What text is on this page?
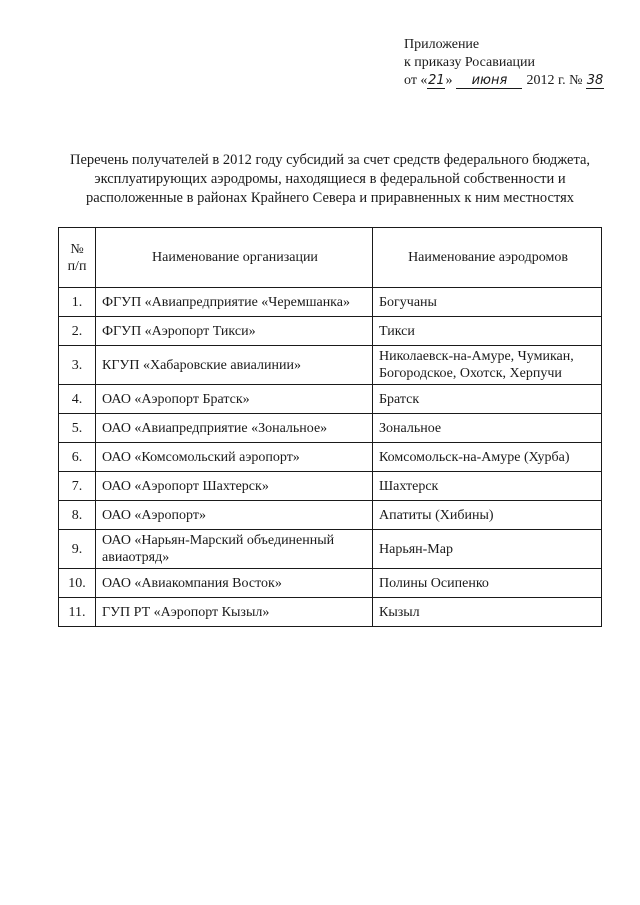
Приложение
к приказу Росавиации
от «21» июня 2012 г. № 38
Перечень получателей в 2012 году субсидий за счет средств федерального бюджета,
эксплуатирующих аэродромы, находящиеся в федеральной собственности и
расположенные в районах Крайнего Севера и приравненных к ним местностях
№
п/п	Наименование организации	Наименование аэродромов
1.	ФГУП «Авиапредприятие «Черемшанка»	Богучаны
2.	ФГУП «Аэропорт Тикси»	Тикси
3.	КГУП «Хабаровские авиалинии»	Николаевск-на-Амуре, Чумикан, Богородское, Охотск, Херпучи
4.	ОАО «Аэропорт Братск»	Братск
5.	ОАО «Авиапредприятие «Зональное»	Зональное
6.	ОАО «Комсомольский аэропорт»	Комсомольск-на-Амуре (Хурба)
7.	ОАО «Аэропорт Шахтерск»	Шахтерск
8.	ОАО «Аэропорт»	Апатиты (Хибины)
9.	ОАО «Нарьян-Марский объединенный авиаотряд»	Нарьян-Мар
10.	ОАО «Авиакомпания Восток»	Полины Осипенко
11.	ГУП РТ «Аэропорт Кызыл»	Кызыл
